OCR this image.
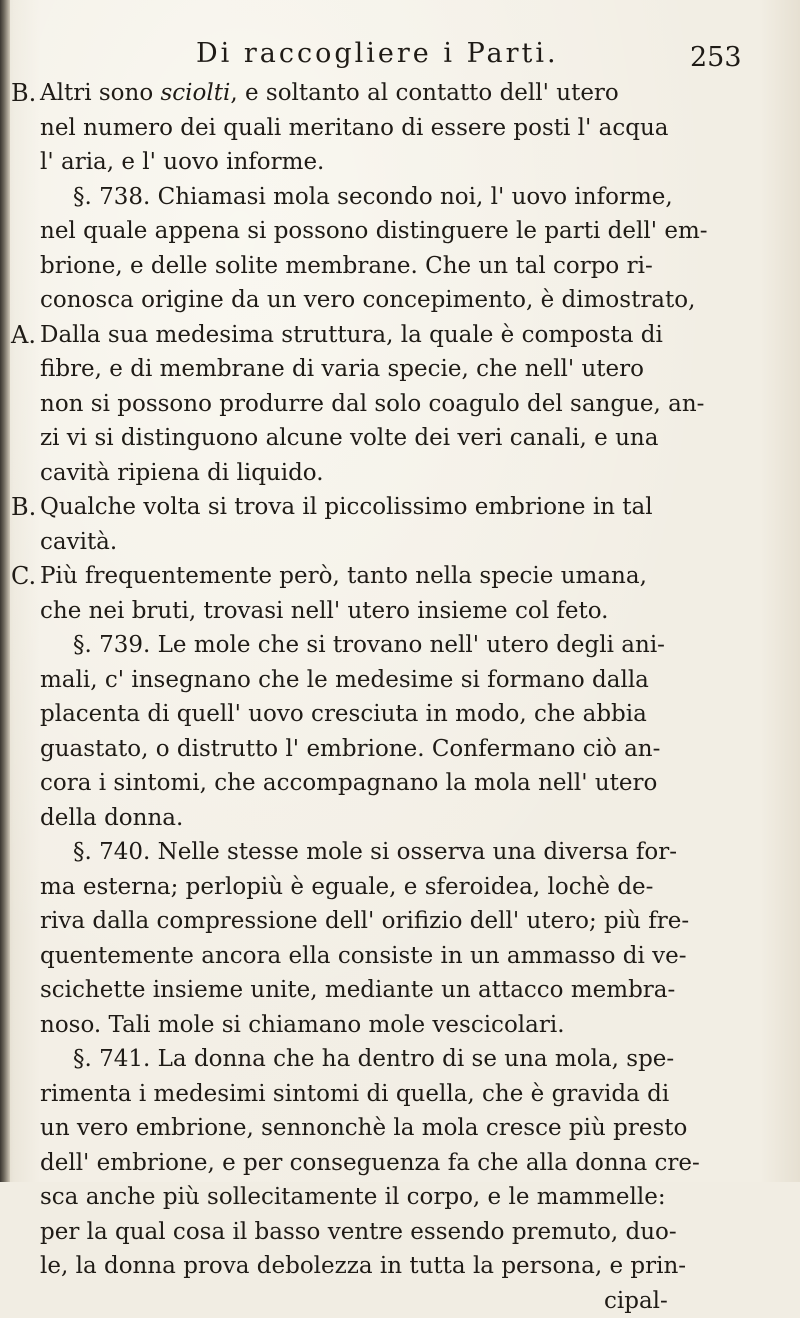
Di raccogliere i Parti.	253
B. Altri sono sciolti, e soltanto al contatto dell' utero
nel numero dei quali meritano di essere posti l' acqua
l' aria, e l' uovo informe.
§. 738. Chiamasi mola secondo noi, l' uovo informe,
nel quale appena si possono distinguere le parti dell' em-
brione, e delle solite membrane. Che un tal corpo ri-
conosca origine da un vero concepimento, è dimostrato,
A. Dalla sua medesima struttura, la quale è composta di
fibre, e di membrane di varia specie, che nell' utero
non si possono produrre dal solo coagulo del sangue, an-
zi vi si distinguono alcune volte dei veri canali, e una
cavità ripiena di liquido.
B. Qualche volta si trova il piccolissimo embrione in tal
cavità.
C. Più frequentemente però, tanto nella specie umana,
che nei bruti, trovasi nell' utero insieme col feto.
§. 739. Le mole che si trovano nell' utero degli ani-
mali, c' insegnano che le medesime si formano dalla
placenta di quell' uovo cresciuta in modo, che abbia
guastato, o distrutto l' embrione. Confermano ciò an-
cora i sintomi, che accompagnano la mola nell' utero
della donna.
§. 740. Nelle stesse mole si osserva una diversa for-
ma esterna; perlopiù è eguale, e sferoidea, lochè de-
riva dalla compressione dell' orifizio dell' utero; più fre-
quentemente ancora ella consiste in un ammasso di ve-
scichette insieme unite, mediante un attacco membra-
noso. Tali mole si chiamano mole vescicolari.
§. 741. La donna che ha dentro di se una mola, spe-
rimenta i medesimi sintomi di quella, che è gravida di
un vero embrione, sennonchè la mola cresce più presto
dell' embrione, e per conseguenza fa che alla donna cre-
sca anche più sollecitamente il corpo, e le mammelle:
per la qual cosa il basso ventre essendo premuto, duo-
le, la donna prova debolezza in tutta la persona, e prin-
cipal-
